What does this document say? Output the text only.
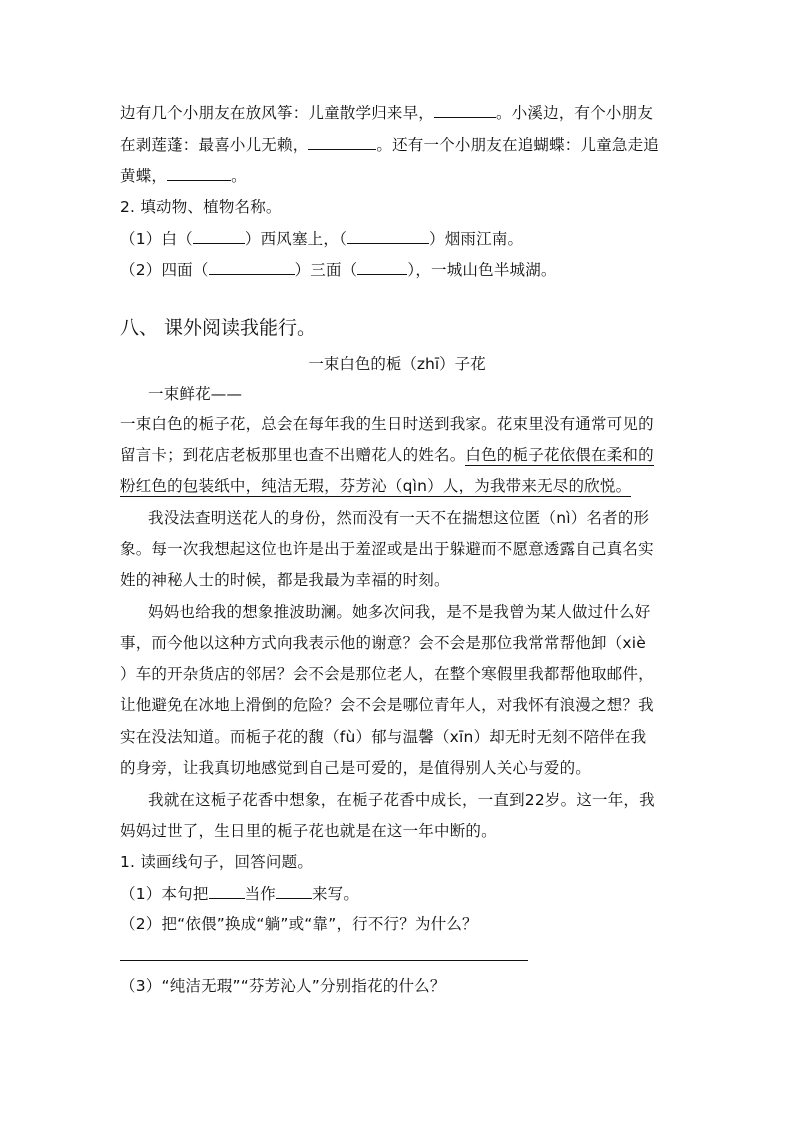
边有几个小朋友在放风筝：儿童散学归来早，	。小溪边，有个小朋友
在剥莲蓬：最喜小儿无赖，	。还有一个小朋友在追蝴蝶：儿童急走追
黄蝶，	。
2. 填动物、植物名称。
（1）白（	）西风塞上，（	）烟雨江南。
（2）四面（	）三面（	），一城山色半城湖。
八、 课外阅读我能行。
一束白色的栀（zhī）子花
一束鲜花——
一束白色的栀子花，总会在每年我的生日时送到我家。花束里没有通常可见的
留言卡；到花店老板那里也查不出赠花人的姓名。白色的栀子花依偎在柔和的
粉红色的包装纸中，纯洁无瑕，芬芳沁（qìn）人，为我带来无尽的欣悦。
我没法查明送花人的身份，然而没有一天不在揣想这位匿（nì）名者的形
象。每一次我想起这位也许是出于羞涩或是出于躲避而不愿意透露自己真名实
姓的神秘人士的时候，都是我最为幸福的时刻。
妈妈也给我的想象推波助澜。她多次问我，是不是我曾为某人做过什么好
事，而今他以这种方式向我表示他的谢意？会不会是那位我常常帮他卸（xiè
）车的开杂货店的邻居？会不会是那位老人，在整个寒假里我都帮他取邮件，
让他避免在冰地上滑倒的危险？会不会是哪位青年人，对我怀有浪漫之想？我
实在没法知道。而栀子花的馥（fù）郁与温馨（xīn）却无时无刻不陪伴在我
的身旁，让我真切地感觉到自己是可爱的，是值得别人关心与爱的。
我就在这栀子花香中想象，在栀子花香中成长，一直到22岁。这一年，我
妈妈过世了，生日里的栀子花也就是在这一年中断的。
1. 读画线句子，回答问题。
（1）本句把 当作 来写。
（2）把“依偎”换成“躺”或“靠”，行不行？为什么？
（3）“纯洁无瑕”“芬芳沁人”分别指花的什么？
